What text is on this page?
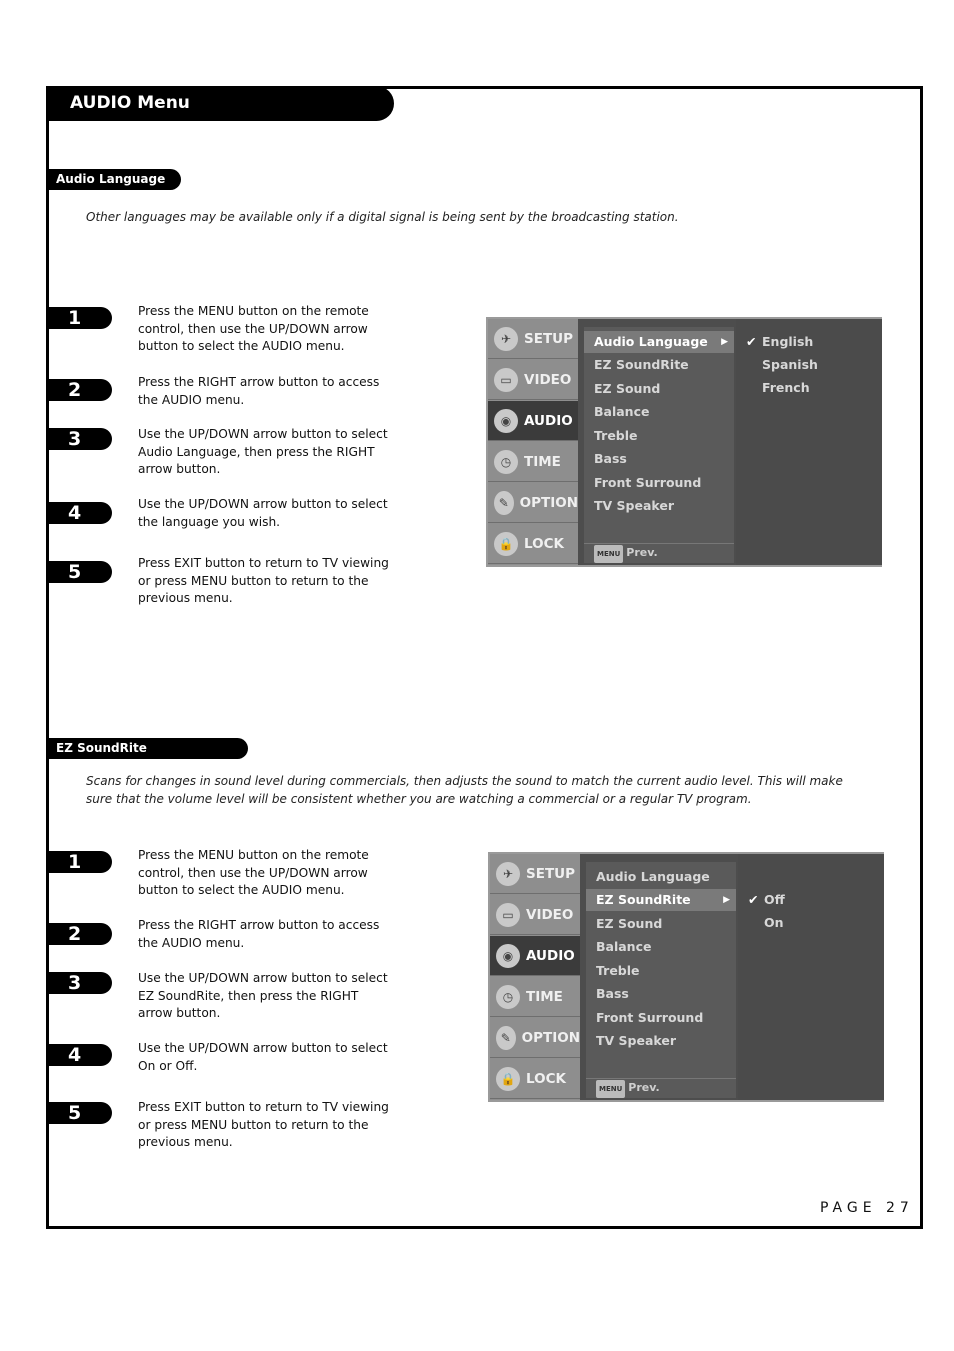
AUDIO Menu
Audio Language
Other languages may be available only if a digital signal is being sent by the broadcasting station.
1	Press the MENU button on the remote control, then use the UP/DOWN arrow button to select the AUDIO menu.
2	Press the RIGHT arrow button to access the AUDIO menu.
3	Use the UP/DOWN arrow button to select Audio Language, then press the RIGHT arrow button.
4	Use the UP/DOWN arrow button to select the language you wish.
5	Press EXIT button to return to TV viewing or press MENU button to return to the previous menu.
✈ SETUP
▭ VIDEO
◉ AUDIO
◷ TIME
✎ OPTION
🔒 LOCK
Audio Language ▶
EZ SoundRite
EZ Sound
Balance
Treble
Bass
Front Surround
TV Speaker
MENU Prev.
✔ English
Spanish
French
EZ SoundRite
Scans for changes in sound level during commercials, then adjusts the sound to match the current audio level. This will make sure that the volume level will be consistent whether you are watching a commercial or a regular TV program.
1	Press the MENU button on the remote control, then use the UP/DOWN arrow button to select the AUDIO menu.
2	Press the RIGHT arrow button to access the AUDIO menu.
3	Use the UP/DOWN arrow button to select EZ SoundRite, then press the RIGHT arrow button.
4	Use the UP/DOWN arrow button to select On or Off.
5	Press EXIT button to return to TV viewing or press MENU button to return to the previous menu.
✈ SETUP
▭ VIDEO
◉ AUDIO
◷ TIME
✎ OPTION
🔒 LOCK
Audio Language
EZ SoundRite	▶
EZ Sound
Balance
Treble
Bass
Front Surround
TV Speaker
MENU Prev.
✔ Off
On
PAGE 27
